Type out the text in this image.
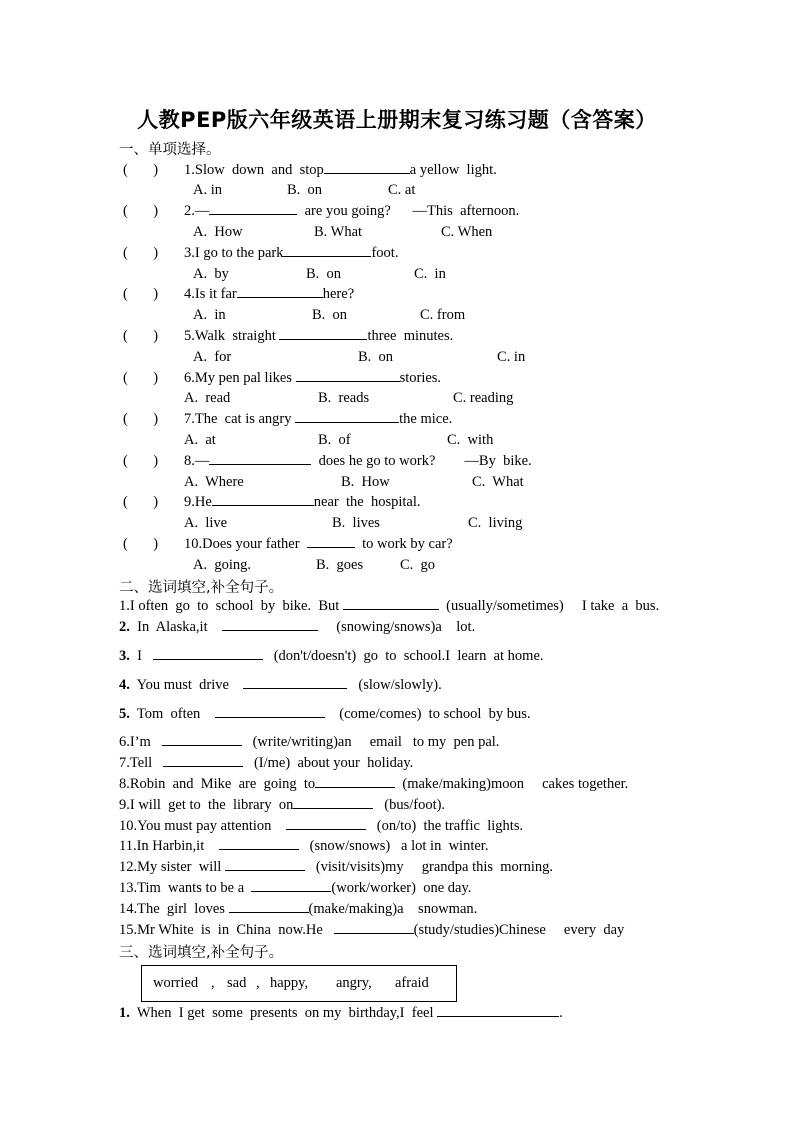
人教PEP版六年级英语上册期末复习练习题（含答案）
一、单项选择。
(       ) 1.Slow  down  and  stop	a yellow  light.
A. in	B.  on	C. at
(       ) 2.—	are you going?      —This  afternoon.
A.  How	B. What	C. When
(       ) 3.I go to the park	foot.
A.  by	B.  on	C.  in
(       ) 4.Is it far	here?
A.  in	B.  on	C. from
(       ) 5.Walk  straight	three  minutes.
A.  for	B.  on	C. in
(       ) 6.My pen pal likes	stories.
A.  read	B.  reads	C. reading
(       ) 7.The  cat is angry	the mice.
A.  at	B.  of	C.  with
(       ) 8.—	does he go to work?        —By  bike.
A.  Where	B.  How	C.  What
(       ) 9.He	near  the  hospital.
A.  live	B.  lives	C.  living
(       ) 10.Does your father	to work by car?
A.  going.	B.  goes	C.  go
二、选词填空,补全句子。
1.I often  go  to  school  by  bike.  But	(usually/sometimes)     I take  a  bus.
2.  In  Alaska,it	(snowing/snows)a    lot.
3.  I	(don't/doesn't)  go  to  school.I  learn  at home.
4.  You must  drive	(slow/slowly).
5.  Tom  often	(come/comes)  to school  by bus.
6.I’m	(write/writing)an     email   to my  pen pal.
7.Tell	(I/me)  about your  holiday.
8.Robin  and  Mike  are  going  to	(make/making)moon     cakes together.
9.I will  get to  the  library  on	(bus/foot).
10.You must pay attention	(on/to)  the traffic  lights.
11.In Harbin,it	(snow/snows)   a lot in  winter.
12.My sister  will	(visit/visits)my     grandpa this  morning.
13.Tim  wants to be a	(work/worker)  one day.
14.The  girl  loves	(make/making)a    snowman.
15.Mr White  is  in  China  now.He	(study/studies)Chinese     every  day
三、选词填空,补全句子。
worried , sad , happy, angry, afraid
1.  When  I get  some  presents  on my  birthday,I  feel	.
